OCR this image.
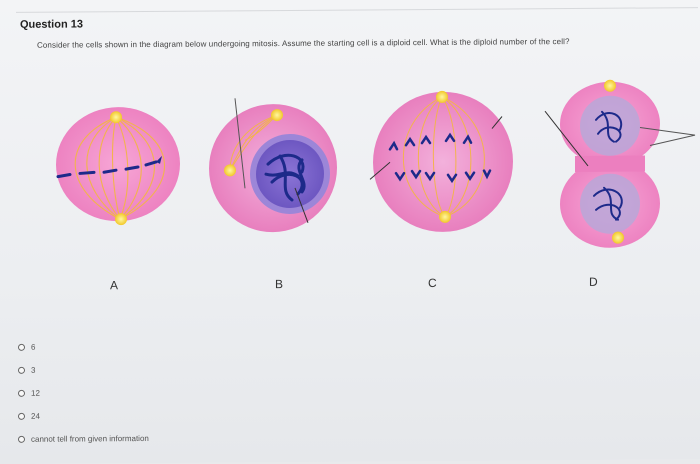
Question 13
Consider the cells shown in the diagram below undergoing mitosis. Assume the starting cell is a diploid cell. What is the diploid number of the cell?
A	B	C	D
6
3
12
24
cannot tell from given information
